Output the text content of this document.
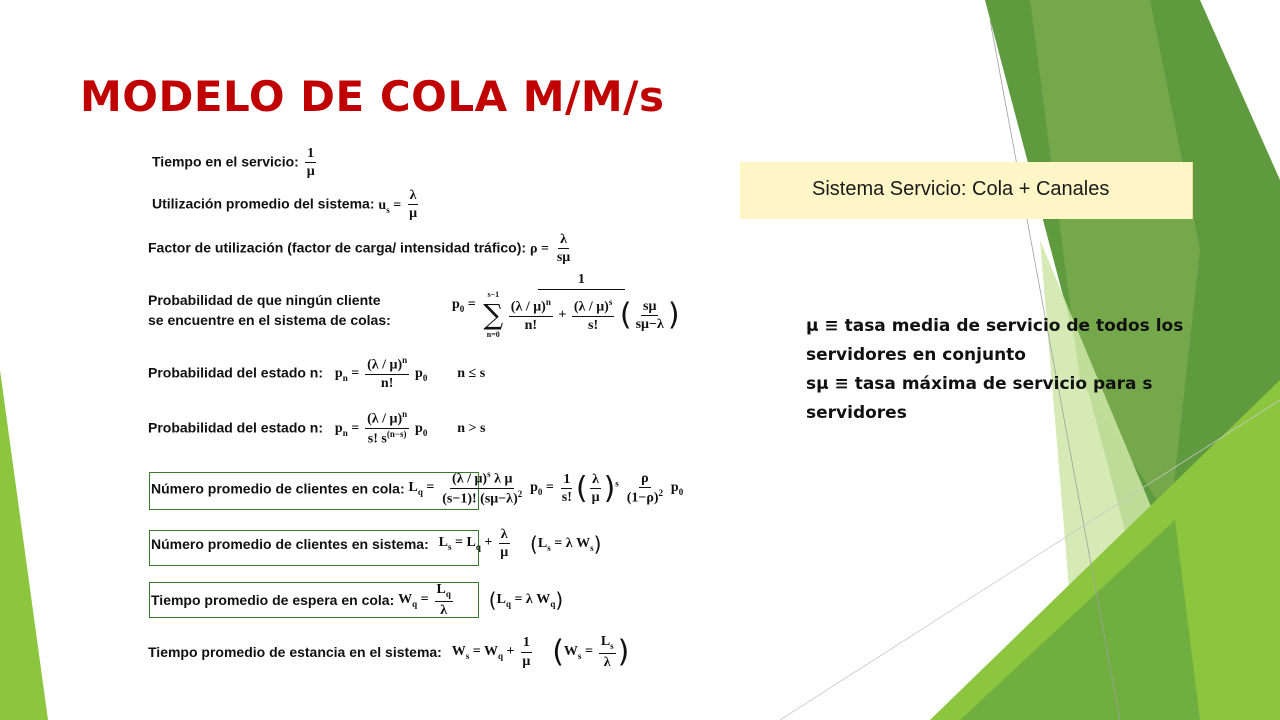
MODELO DE COLA M/M/s
Tiempo en el servicio: $\frac{1}{\mu}$
Utilización promedio del sistema: $u_s = \frac{\lambda}{\mu}$
Factor de utilización (factor de carga/ intensidad tráfico): $\rho = \frac{\lambda}{s\mu}$
Probabilidad de que ningún cliente
se encuentre en el sistema de colas:
$p_0$ =
1
s−1
∑
n=0

$\frac{(\lambda / \mu)^n}{n!} + \frac{(\lambda / \mu)^s}{s!}$ ( $\frac{s\mu}{s\mu-\lambda}$ )
Probabilidad del estado n: $p_n = \frac{(\lambda / \mu)^n}{n!} p_0$ n ≤ s
Probabilidad del estado n: $p_n = \frac{(\lambda / \mu)^n}{s! s^{(n-s)}} p_0$ n > s
Número promedio de clientes en cola: $L_q = \frac{(\lambda / \mu)^s \lambda \mu}{(s-1)! (s\mu-\lambda)^2} p_0 = \frac{1}{s!}$ ( $\frac{\lambda}{\mu} )^s \frac{\rho}{(1-\rho)^2} p_0$
Número promedio de clientes en sistema: $L_s = L_q + \frac{\lambda}{\mu} (L_s = \lambda$ $W_s$)
Tiempo promedio de espera en cola: $W_q = \frac{L_q}{\lambda} (L_q = \lambda$ $W_q$)
Tiempo promedio de estancia en el sistema: $W_s = W_q + \frac{1}{\mu} (W_s = \frac{L_s}{\lambda}$ )
Sistema Servicio: Cola + Canales

μ ≡ tasa media de servicio de todos los servidores en conjunto

sμ ≡ tasa máxima de servicio para s servidores
